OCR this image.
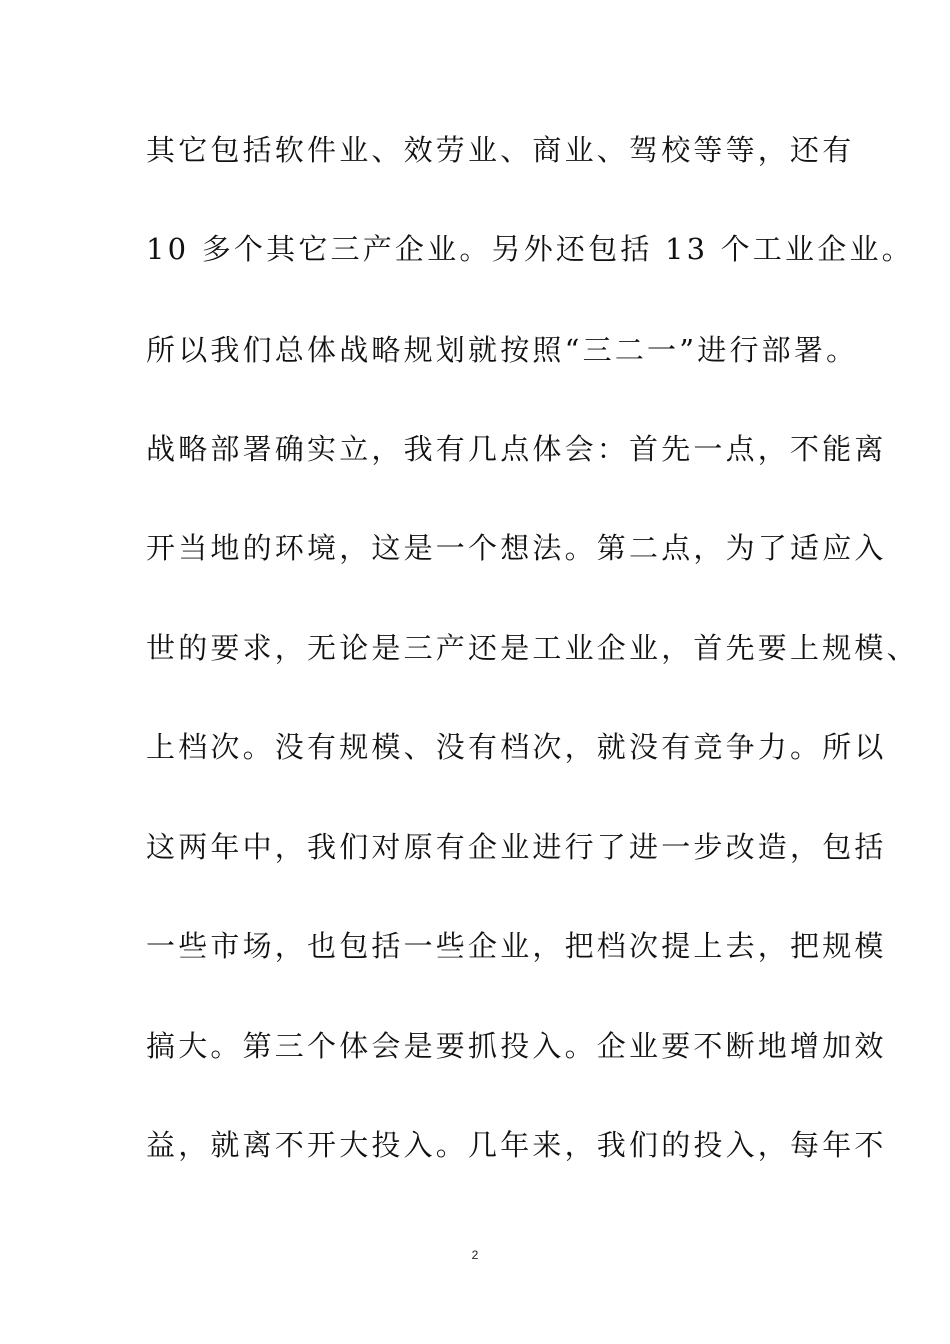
其它包括软件业、效劳业、商业、驾校等等，还有
10 多个其它三产企业。另外还包括 13 个工业企业。
所以我们总体战略规划就按照“三二一”进行部署。
战略部署确实立，我有几点体会：首先一点，不能离
开当地的环境，这是一个想法。第二点，为了适应入
世的要求，无论是三产还是工业企业，首先要上规模、
上档次。没有规模、没有档次，就没有竞争力。所以
这两年中，我们对原有企业进行了进一步改造，包括
一些市场，也包括一些企业，把档次提上去，把规模
搞大。第三个体会是要抓投入。企业要不断地增加效
益，就离不开大投入。几年来，我们的投入，每年不
2
